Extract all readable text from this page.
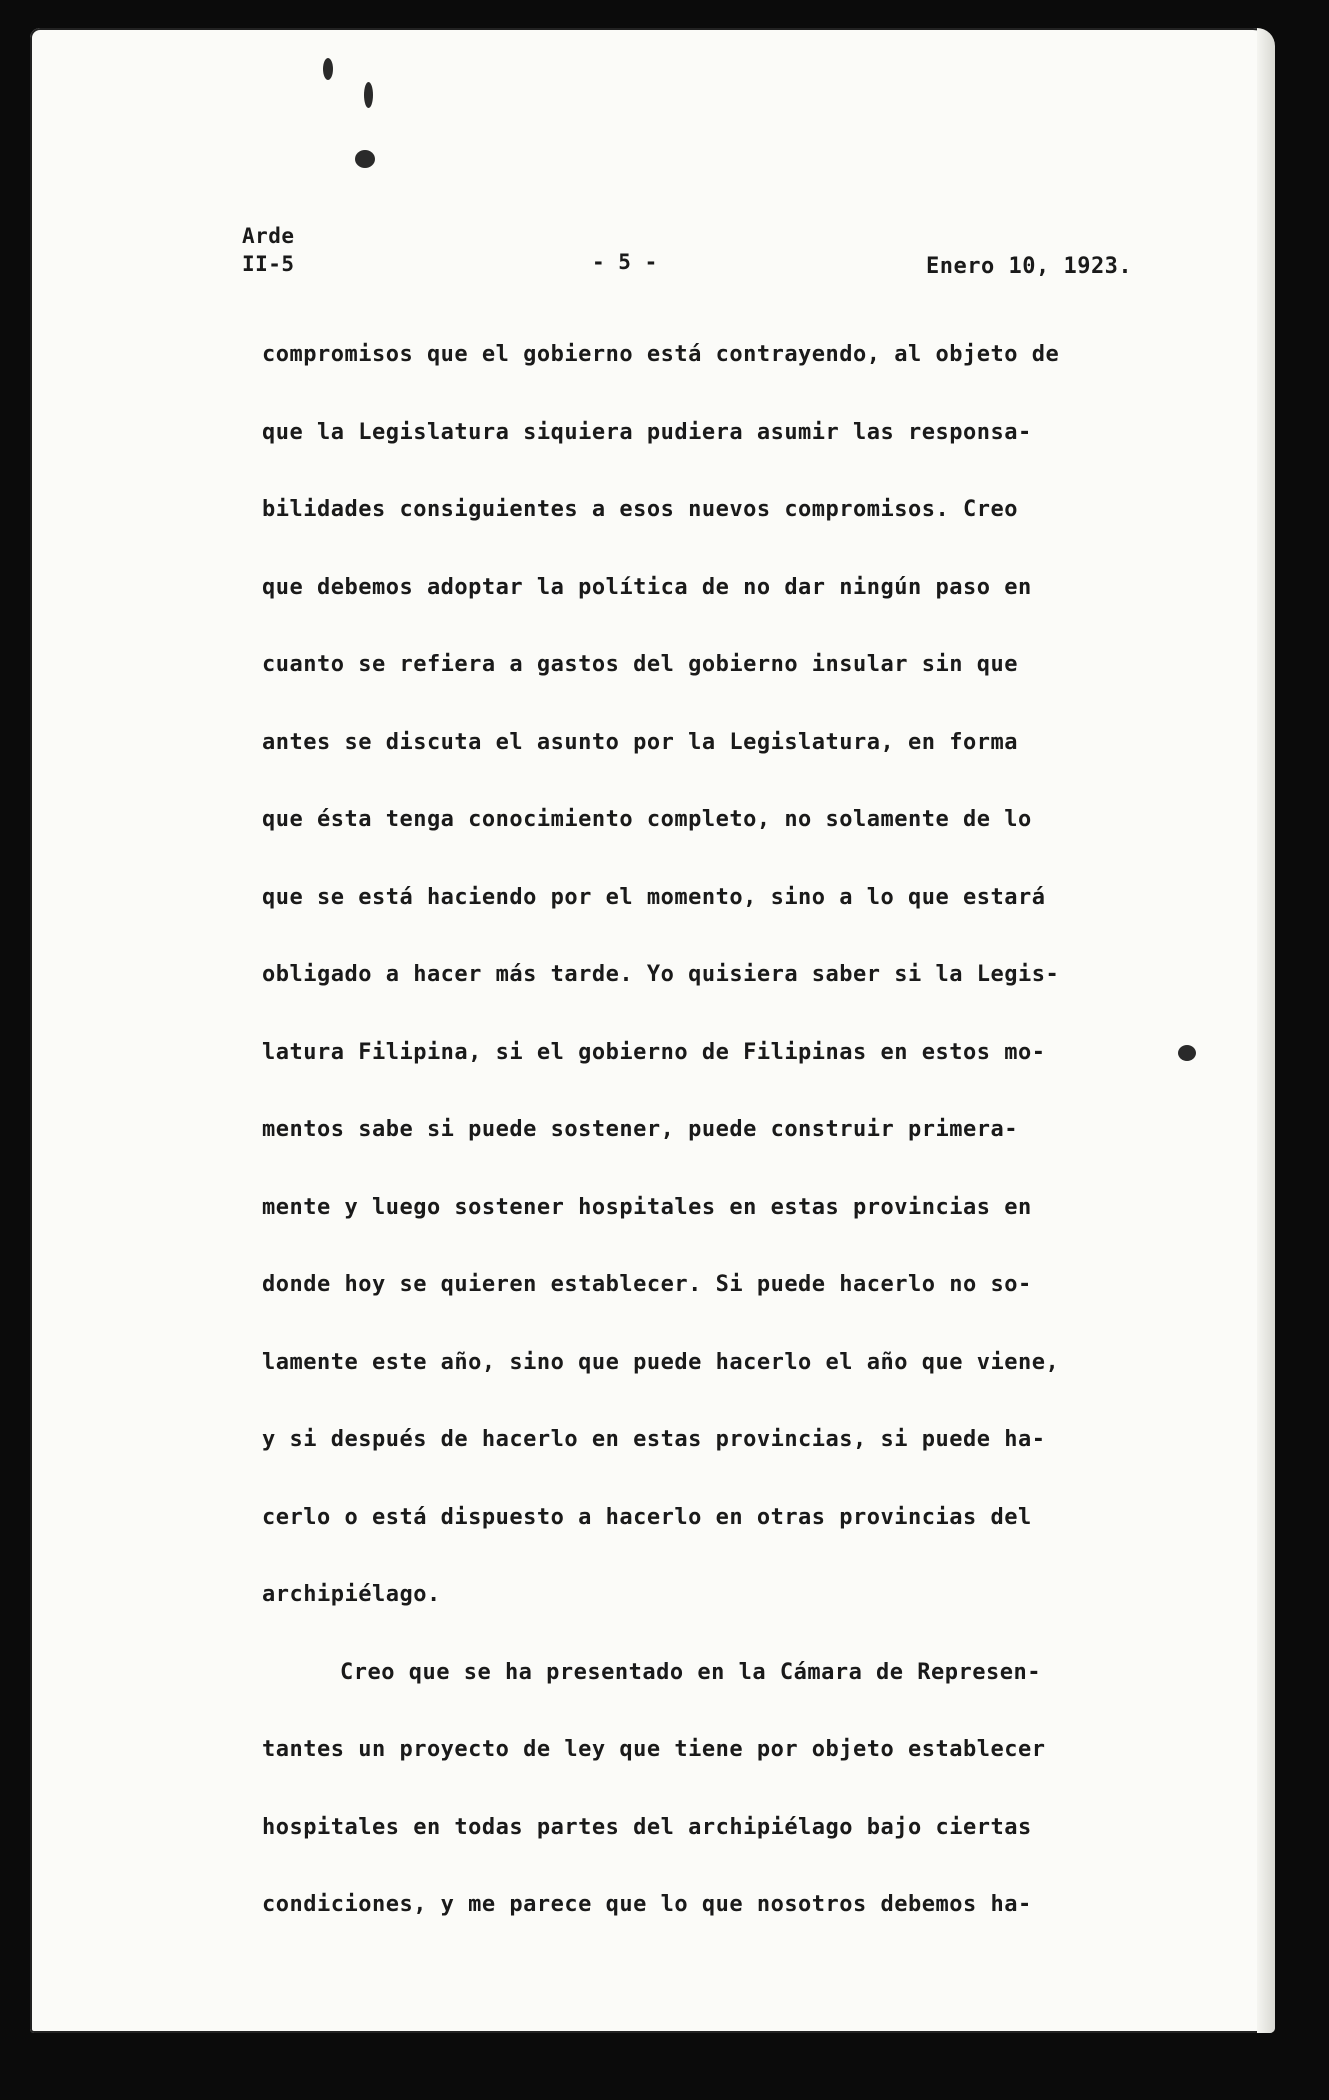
Arde
II-5	- 5 -	Enero 10, 1923.
compromisos que el gobierno está contrayendo, al objeto de
que la Legislatura siquiera pudiera asumir las responsa-
bilidades consiguientes a esos nuevos compromisos. Creo
que debemos adoptar la política de no dar ningún paso en
cuanto se refiera a gastos del gobierno insular sin que
antes se discuta el asunto por la Legislatura, en forma
que ésta tenga conocimiento completo, no solamente de lo
que se está haciendo por el momento, sino a lo que estará
obligado a hacer más tarde. Yo quisiera saber si la Legis-
latura Filipina, si el gobierno de Filipinas en estos mo-
mentos sabe si puede sostener, puede construir primera-
mente y luego sostener hospitales en estas provincias en
donde hoy se quieren establecer. Si puede hacerlo no so-
lamente este año, sino que puede hacerlo el año que viene,
y si después de hacerlo en estas provincias, si puede ha-
cerlo o está dispuesto a hacerlo en otras provincias del
archipiélago.
Creo que se ha presentado en la Cámara de Represen-
tantes un proyecto de ley que tiene por objeto establecer
hospitales en todas partes del archipiélago bajo ciertas
condiciones, y me parece que lo que nosotros debemos ha-
